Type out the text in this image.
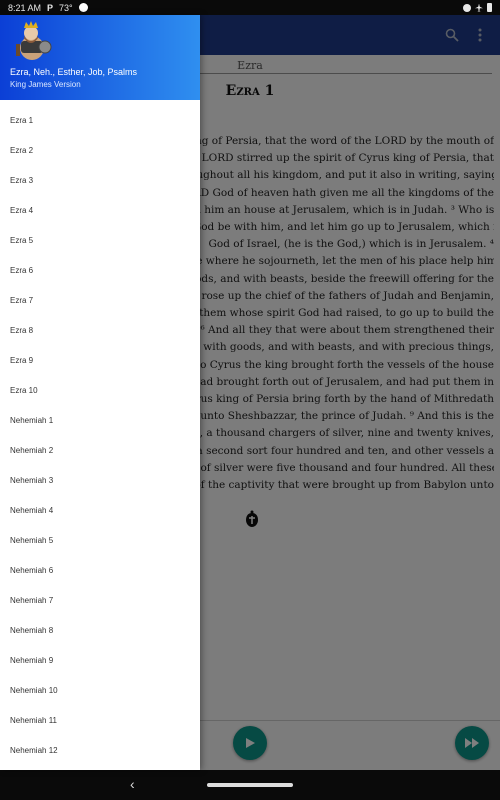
8:21 AM P 73°
‹
Ezra, Neh., Esther, Job, Psalms
King James Version
Ezra 1
Ezra 2
Ezra 3
Ezra 4
Ezra 5
Ezra 6
Ezra 7
Ezra 8
Ezra 9
Ezra 10
Nehemiah 1
Nehemiah 2
Nehemiah 3
Nehemiah 4
Nehemiah 5
Nehemiah 6
Nehemiah 7
Nehemiah 8
Nehemiah 9
Nehemiah 10
Nehemiah 11
Nehemiah 12
